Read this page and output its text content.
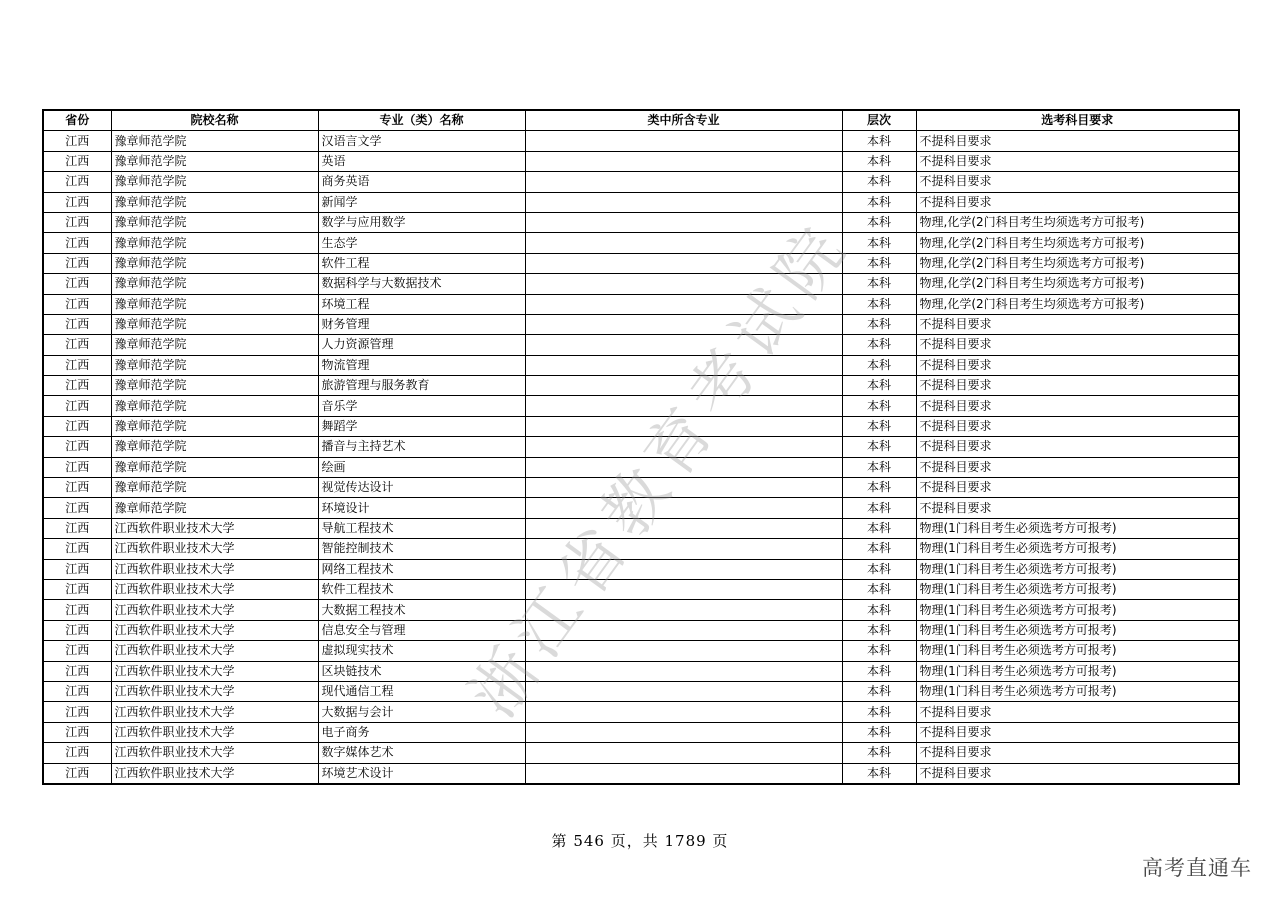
省份	院校名称	专业（类）名称	类中所含专业	层次	选考科目要求
江西	豫章师范学院	汉语言文学		本科	不提科目要求
江西	豫章师范学院	英语		本科	不提科目要求
江西	豫章师范学院	商务英语		本科	不提科目要求
江西	豫章师范学院	新闻学		本科	不提科目要求
江西	豫章师范学院	数学与应用数学		本科	物理,化学(2门科目考生均须选考方可报考)
江西	豫章师范学院	生态学		本科	物理,化学(2门科目考生均须选考方可报考)
江西	豫章师范学院	软件工程		本科	物理,化学(2门科目考生均须选考方可报考)
江西	豫章师范学院	数据科学与大数据技术		本科	物理,化学(2门科目考生均须选考方可报考)
江西	豫章师范学院	环境工程		本科	物理,化学(2门科目考生均须选考方可报考)
江西	豫章师范学院	财务管理		本科	不提科目要求
江西	豫章师范学院	人力资源管理		本科	不提科目要求
江西	豫章师范学院	物流管理		本科	不提科目要求
江西	豫章师范学院	旅游管理与服务教育		本科	不提科目要求
江西	豫章师范学院	音乐学		本科	不提科目要求
江西	豫章师范学院	舞蹈学		本科	不提科目要求
江西	豫章师范学院	播音与主持艺术		本科	不提科目要求
江西	豫章师范学院	绘画		本科	不提科目要求
江西	豫章师范学院	视觉传达设计		本科	不提科目要求
江西	豫章师范学院	环境设计		本科	不提科目要求
江西	江西软件职业技术大学	导航工程技术		本科	物理(1门科目考生必须选考方可报考)
江西	江西软件职业技术大学	智能控制技术		本科	物理(1门科目考生必须选考方可报考)
江西	江西软件职业技术大学	网络工程技术		本科	物理(1门科目考生必须选考方可报考)
江西	江西软件职业技术大学	软件工程技术		本科	物理(1门科目考生必须选考方可报考)
江西	江西软件职业技术大学	大数据工程技术		本科	物理(1门科目考生必须选考方可报考)
江西	江西软件职业技术大学	信息安全与管理		本科	物理(1门科目考生必须选考方可报考)
江西	江西软件职业技术大学	虚拟现实技术		本科	物理(1门科目考生必须选考方可报考)
江西	江西软件职业技术大学	区块链技术		本科	物理(1门科目考生必须选考方可报考)
江西	江西软件职业技术大学	现代通信工程		本科	物理(1门科目考生必须选考方可报考)
江西	江西软件职业技术大学	大数据与会计		本科	不提科目要求
江西	江西软件职业技术大学	电子商务		本科	不提科目要求
江西	江西软件职业技术大学	数字媒体艺术		本科	不提科目要求
江西	江西软件职业技术大学	环境艺术设计		本科	不提科目要求
浙江省教育考试院
第 546 页，共 1789 页
高考直通车
